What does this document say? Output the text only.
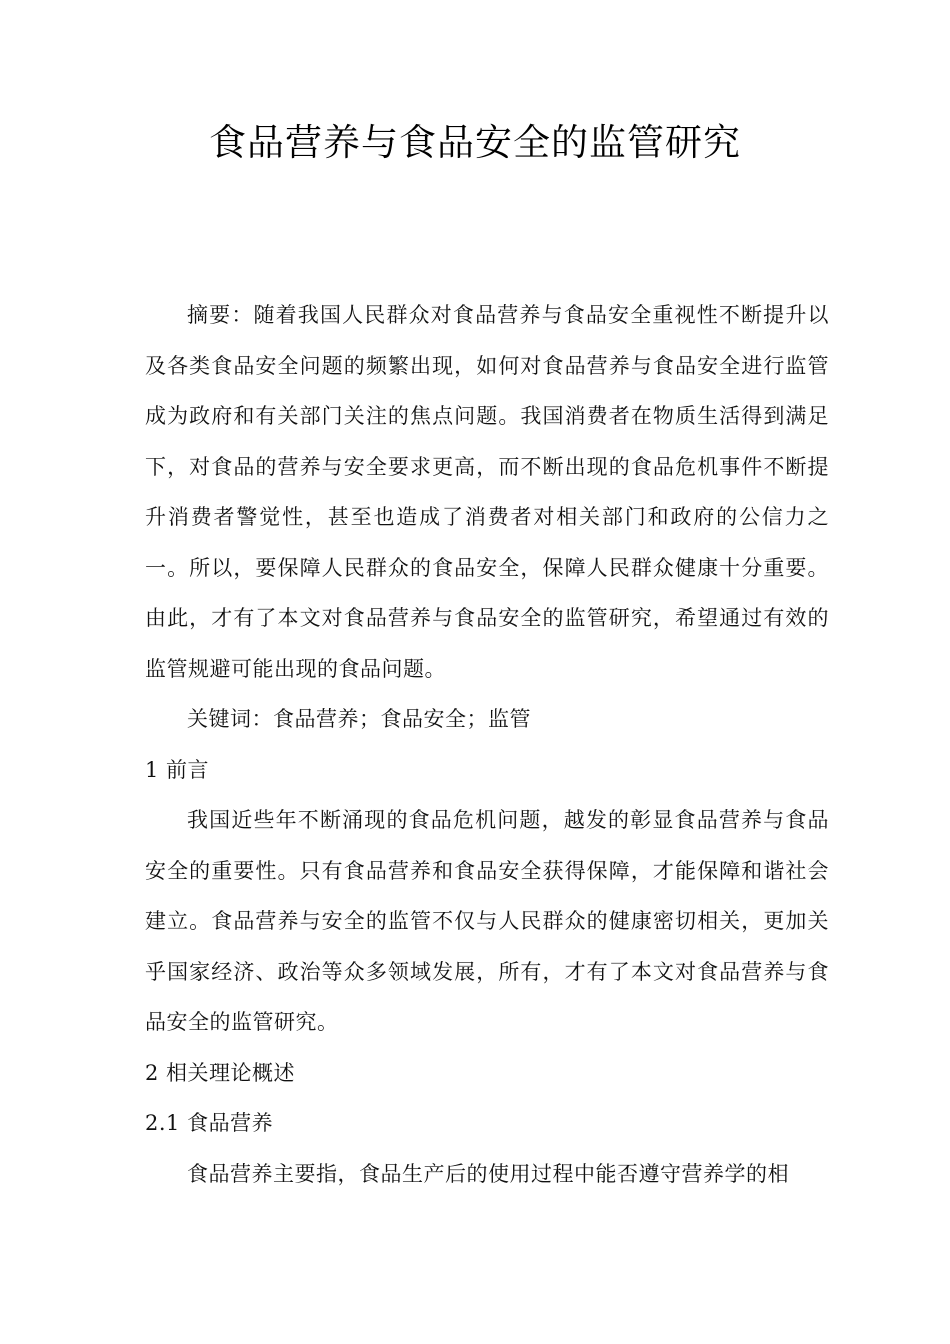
食品营养与食品安全的监管研究

摘要：随着我国人民群众对食品营养与食品安全重视性不断提升以及各类食品安全问题的频繁出现，如何对食品营养与食品安全进行监管成为政府和有关部门关注的焦点问题。我国消费者在物质生活得到满足下，对食品的营养与安全要求更高，而不断出现的食品危机事件不断提升消费者警觉性，甚至也造成了消费者对相关部门和政府的公信力之一。所以，要保障人民群众的食品安全，保障人民群众健康十分重要。由此，才有了本文对食品营养与食品安全的监管研究，希望通过有效的监管规避可能出现的食品问题。

关键词：食品营养；食品安全；监管

1 前言

我国近些年不断涌现的食品危机问题，越发的彰显食品营养与食品安全的重要性。只有食品营养和食品安全获得保障，才能保障和谐社会建立。食品营养与安全的监管不仅与人民群众的健康密切相关，更加关乎国家经济、政治等众多领域发展，所有，才有了本文对食品营养与食品安全的监管研究。

2 相关理论概述

2.1 食品营养

食品营养主要指，食品生产后的使用过程中能否遵守营养学的相
